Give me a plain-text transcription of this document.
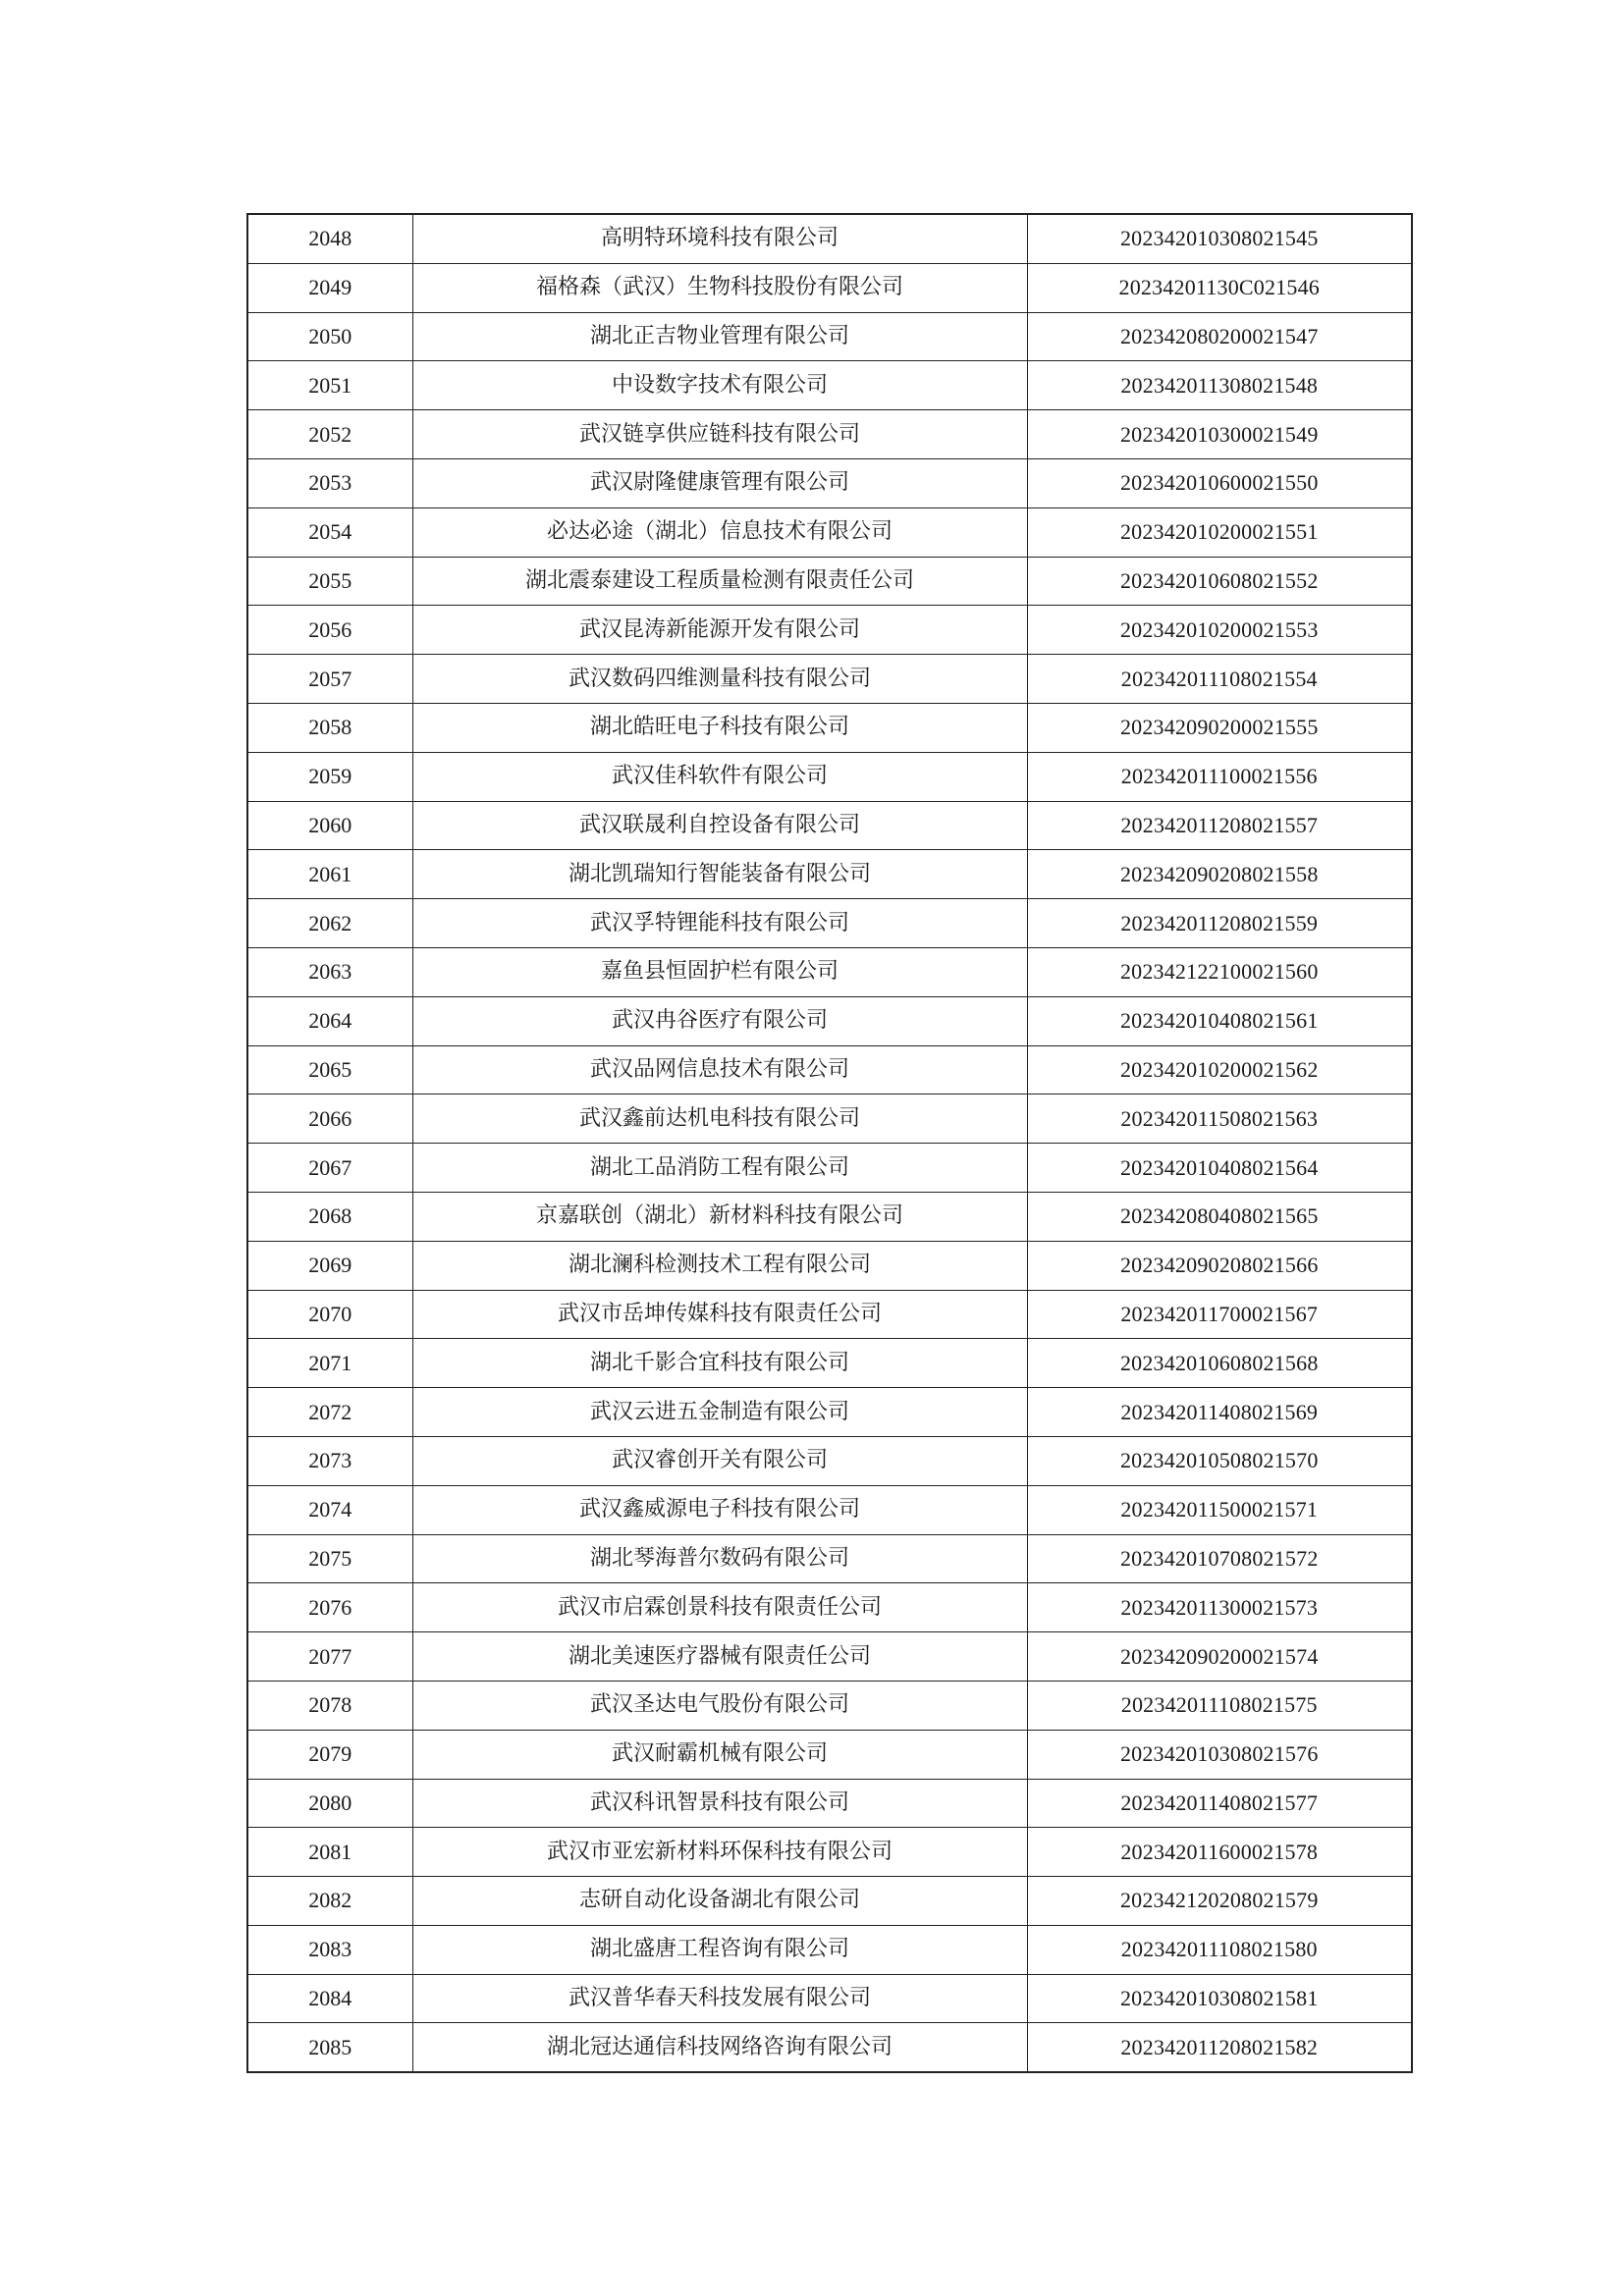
2048	高明特环境科技有限公司	202342010308021545
2049	福格森（武汉）生物科技股份有限公司	20234201130C021546
2050	湖北正吉物业管理有限公司	202342080200021547
2051	中设数字技术有限公司	202342011308021548
2052	武汉链享供应链科技有限公司	202342010300021549
2053	武汉尉隆健康管理有限公司	202342010600021550
2054	必达必途（湖北）信息技术有限公司	202342010200021551
2055	湖北震泰建设工程质量检测有限责任公司	202342010608021552
2056	武汉昆涛新能源开发有限公司	202342010200021553
2057	武汉数码四维测量科技有限公司	202342011108021554
2058	湖北皓旺电子科技有限公司	202342090200021555
2059	武汉佳科软件有限公司	202342011100021556
2060	武汉联晟利自控设备有限公司	202342011208021557
2061	湖北凯瑞知行智能装备有限公司	202342090208021558
2062	武汉孚特锂能科技有限公司	202342011208021559
2063	嘉鱼县恒固护栏有限公司	202342122100021560
2064	武汉冉谷医疗有限公司	202342010408021561
2065	武汉品网信息技术有限公司	202342010200021562
2066	武汉鑫前达机电科技有限公司	202342011508021563
2067	湖北工品消防工程有限公司	202342010408021564
2068	京嘉联创（湖北）新材料科技有限公司	202342080408021565
2069	湖北澜科检测技术工程有限公司	202342090208021566
2070	武汉市岳坤传媒科技有限责任公司	202342011700021567
2071	湖北千影合宜科技有限公司	202342010608021568
2072	武汉云进五金制造有限公司	202342011408021569
2073	武汉睿创开关有限公司	202342010508021570
2074	武汉鑫威源电子科技有限公司	202342011500021571
2075	湖北琴海普尔数码有限公司	202342010708021572
2076	武汉市启霖创景科技有限责任公司	202342011300021573
2077	湖北美速医疗器械有限责任公司	202342090200021574
2078	武汉圣达电气股份有限公司	202342011108021575
2079	武汉耐霸机械有限公司	202342010308021576
2080	武汉科讯智景科技有限公司	202342011408021577
2081	武汉市亚宏新材料环保科技有限公司	202342011600021578
2082	志研自动化设备湖北有限公司	202342120208021579
2083	湖北盛唐工程咨询有限公司	202342011108021580
2084	武汉普华春天科技发展有限公司	202342010308021581
2085	湖北冠达通信科技网络咨询有限公司	202342011208021582
